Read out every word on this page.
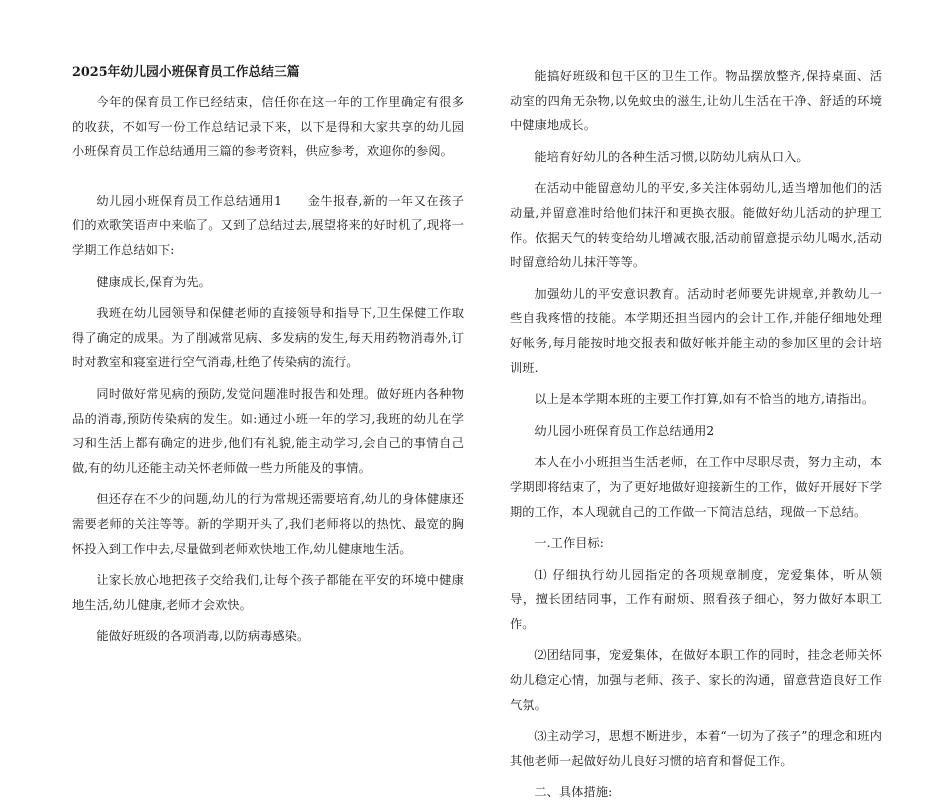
2025年幼儿园小班保育员工作总结三篇

今年的保育员工作已经结束，信任你在这一年的工作里确定有很多的收获，不如写一份工作总结记录下来，以下是得和大家共享的幼儿园小班保育员工作总结通用三篇的参考资料，供应参考，欢迎你的参阅。

幼儿园小班保育员工作总结通用1　　金牛报春,新的一年又在孩子们的欢歌笑语声中来临了。又到了总结过去,展望将来的好时机了,现将一学期工作总结如下:

健康成长,保育为先。

我班在幼儿园领导和保健老师的直接领导和指导下,卫生保健工作取得了确定的成果。为了削减常见病、多发病的发生,每天用药物消毒外,订时对教室和寝室进行空气消毒,杜绝了传染病的流行。

同时做好常见病的预防,发觉问题准时报告和处理。做好班内各种物品的消毒,预防传染病的发生。如:通过小班一年的学习,我班的幼儿在学习和生活上都有确定的进步,他们有礼貌,能主动学习,会自己的事情自己做,有的幼儿还能主动关怀老师做一些力所能及的事情。

但还存在不少的问题,幼儿的行为常规还需要培育,幼儿的身体健康还需要老师的关注等等。新的学期开头了,我们老师将以的热忱、最宽的胸怀投入到工作中去,尽量做到老师欢快地工作,幼儿健康地生活。

让家长放心地把孩子交给我们,让每个孩子都能在平安的环境中健康地生活,幼儿健康,老师才会欢快。

能做好班级的各项消毒,以防病毒感染。

能搞好班级和包干区的卫生工作。物品摆放整齐,保持桌面、活动室的四角无杂物,以免蚊虫的滋生,让幼儿生活在干净、舒适的环境中健康地成长。

能培育好幼儿的各种生活习惯,以防幼儿病从口入。

在活动中能留意幼儿的平安,多关注体弱幼儿,适当增加他们的活动量,并留意准时给他们抹汗和更换衣服。能做好幼儿活动的护理工作。依据天气的转变给幼儿增减衣服,活动前留意提示幼儿喝水,活动时留意给幼儿抹汗等等。

加强幼儿的平安意识教育。活动时老师要先讲规章,并教幼儿一些自我疼惜的技能。本学期还担当园内的会计工作,并能仔细地处理好帐务,每月能按时地交报表和做好帐并能主动的参加区里的会计培训班.

以上是本学期本班的主要工作打算,如有不恰当的地方,请指出。

幼儿园小班保育员工作总结通用2

本人在小小班担当生活老师，在工作中尽职尽责，努力主动，本学期即将结束了，为了更好地做好迎接新生的工作，做好开展好下学期的工作，本人现就自己的工作做一下简洁总结，现做一下总结。

一.工作目标:

⑴ 仔细执行幼儿园指定的各项规章制度，宠爱集体，听从领导，擅长团结同事，工作有耐烦、照看孩子细心，努力做好本职工作。

⑵团结同事，宠爱集体，在做好本职工作的同时，挂念老师关怀幼儿稳定心情，加强与老师、孩子、家长的沟通，留意营造良好工作气氛。

⑶主动学习，思想不断进步，本着“一切为了孩子”的理念和班内其他老师一起做好幼儿良好习惯的培育和督促工作。

二、具体措施:
